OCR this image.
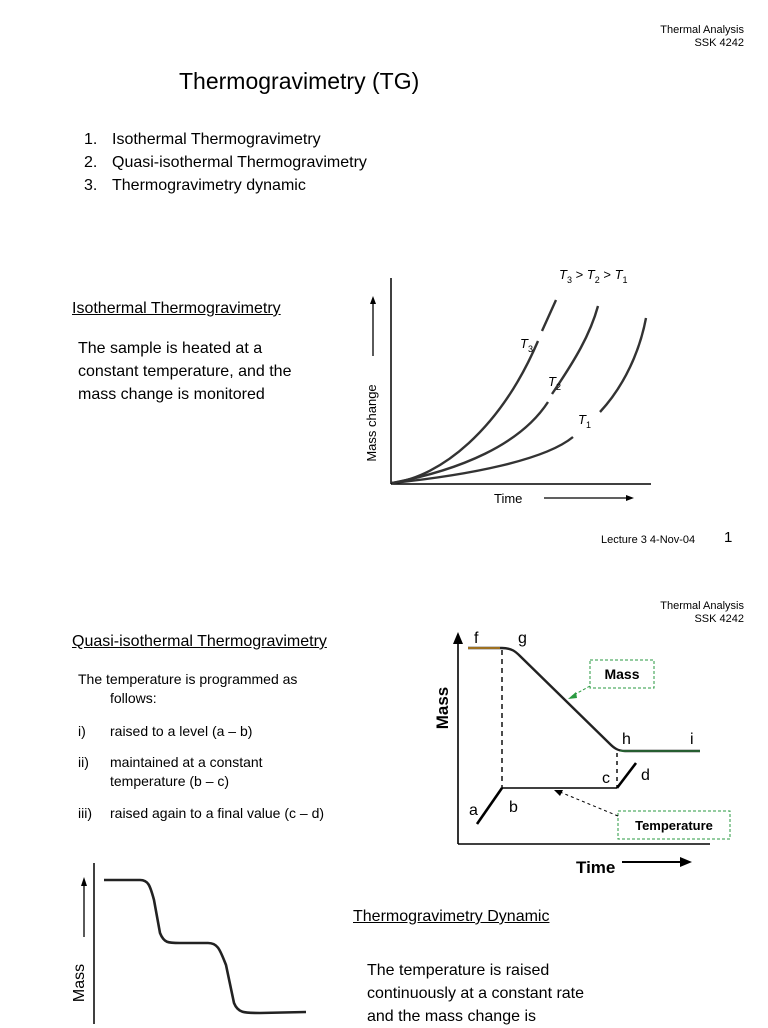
Thermal Analysis
SSK 4242
Thermogravimetry (TG)
1. Isothermal Thermogravimetry
2. Quasi-isothermal Thermogravimetry
3. Thermogravimetry dynamic
Isothermal Thermogravimetry
The sample is heated at a
constant temperature, and the
mass change is monitored	Mass change
Time
$T_3$
$T_2$
$T_1$
$T_3 > T_2 > T_1$
Lecture 3 4-Nov-04 1
Thermal Analysis
SSK 4242
Quasi-isothermal Thermogravimetry
The temperature is programmed as
follows:
i) raised to a level (a – b)
ii) maintained at a constant
temperature (b – c)
iii) raised again to a final value (c – d)
Mass
Time
f g
h	i
c d
a b
Mass
Temperature
Mass
Thermogravimetry Dynamic
The temperature is raised
continuously at a constant rate
and the mass change is
